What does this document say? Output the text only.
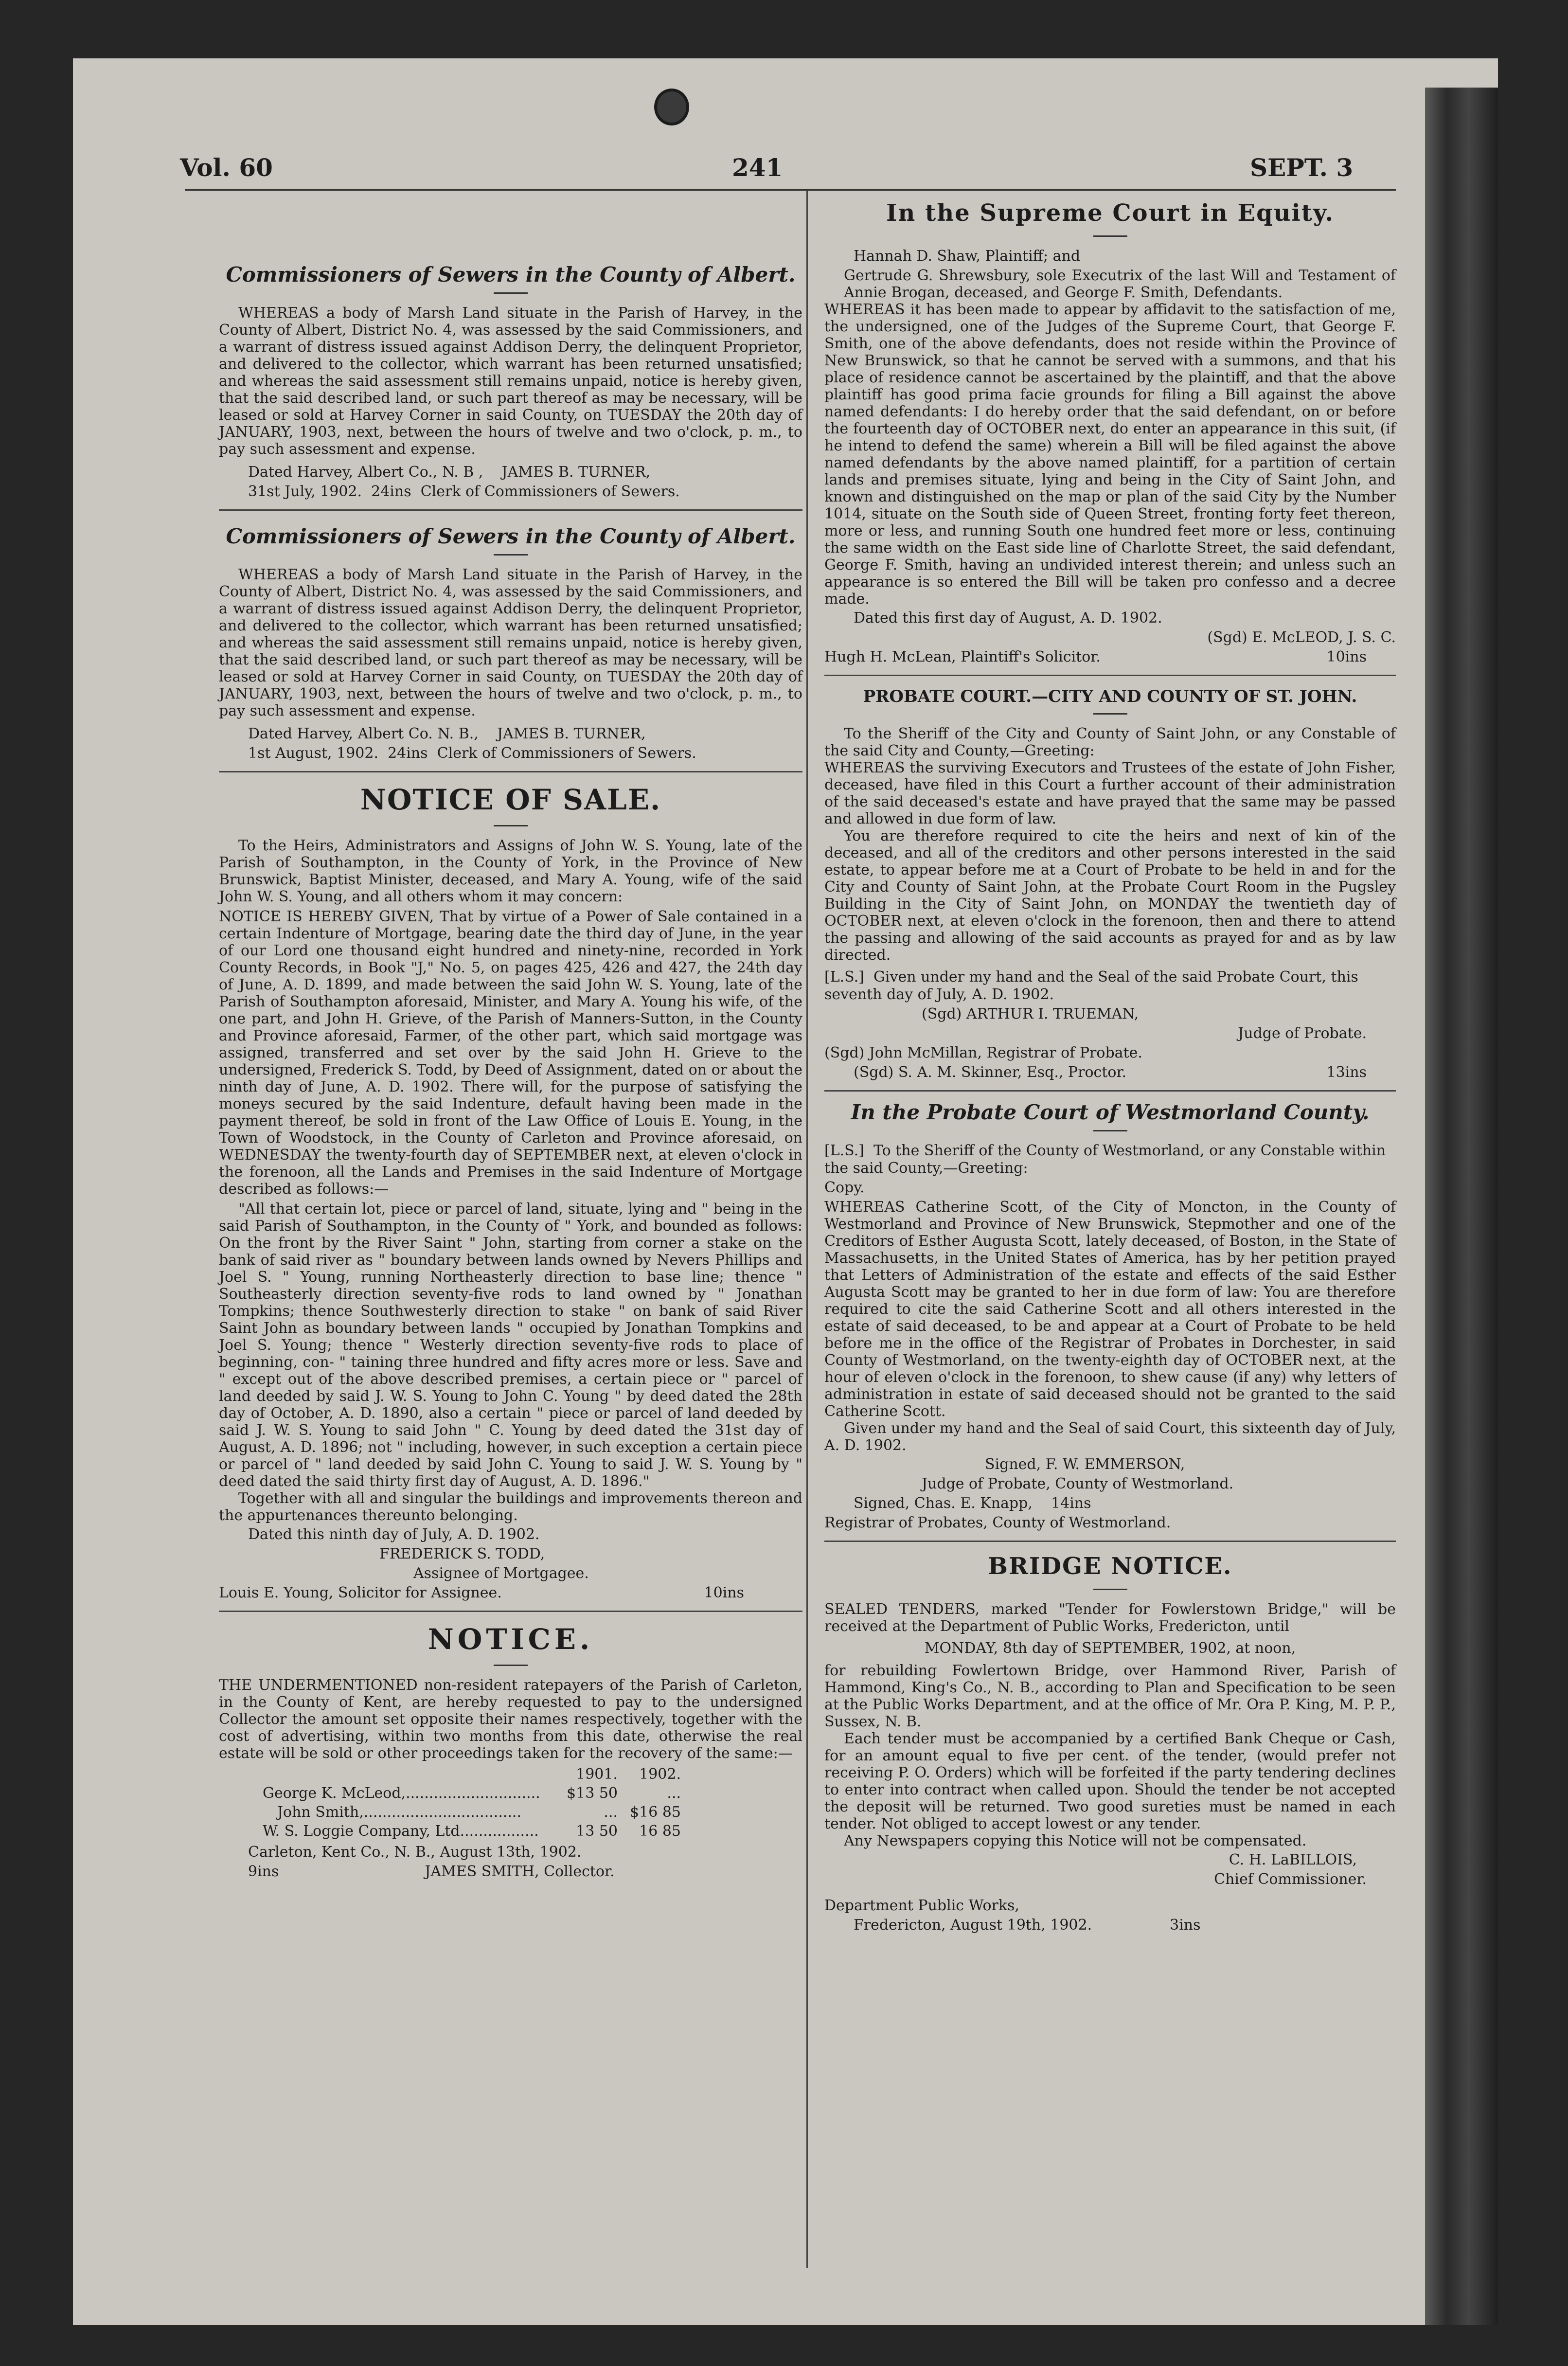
Vol. 60	241	SEPT. 3
Commissioners of Sewers in the County of Albert.

WHEREAS a body of Marsh Land situate in the Parish of Harvey, in the County of Albert, District No. 4, was assessed by the said Commissioners, and a warrant of distress issued against Addison Derry, the delinquent Proprietor, and delivered to the collector, which warrant has been returned unsatisfied; and whereas the said assessment still remains unpaid, notice is hereby given, that the said described land, or such part thereof as may be necessary, will be leased or sold at Harvey Corner in said County, on TUESDAY the 20th day of JANUARY, 1903, next, between the hours of twelve and two o'clock, p. m., to pay such assessment and expense.

Dated Harvey, Albert Co., N. B , JAMES B. TURNER,
31st July, 1902. 24ins Clerk of Commissioners of Sewers.
Commissioners of Sewers in the County of Albert.

WHEREAS a body of Marsh Land situate in the Parish of Harvey, in the County of Albert, District No. 4, was assessed by the said Commissioners, and a warrant of distress issued against Addison Derry, the delinquent Proprietor, and delivered to the collector, which warrant has been returned unsatisfied; and whereas the said assessment still remains unpaid, notice is hereby given, that the said described land, or such part thereof as may be necessary, will be leased or sold at Harvey Corner in said County, on TUESDAY the 20th day of JANUARY, 1903, next, between the hours of twelve and two o'clock, p. m., to pay such assessment and expense.

Dated Harvey, Albert Co. N. B., JAMES B. TURNER,
1st August, 1902. 24ins Clerk of Commissioners of Sewers.
NOTICE OF SALE.

To the Heirs, Administrators and Assigns of John W. S. Young, late of the Parish of Southampton, in the County of York, in the Province of New Brunswick, Baptist Minister, deceased, and Mary A. Young, wife of the said John W. S. Young, and all others whom it may concern:

NOTICE IS HEREBY GIVEN, That by virtue of a Power of Sale contained in a certain Indenture of Mortgage, bearing date the third day of June, in the year of our Lord one thousand eight hundred and ninety-nine, recorded in York County Records, in Book "J," No. 5, on pages 425, 426 and 427, the 24th day of June, A. D. 1899, and made between the said John W. S. Young, late of the Parish of Southampton aforesaid, Minister, and Mary A. Young his wife, of the one part, and John H. Grieve, of the Parish of Manners-Sutton, in the County and Province aforesaid, Farmer, of the other part, which said mortgage was assigned, transferred and set over by the said John H. Grieve to the undersigned, Frederick S. Todd, by Deed of Assignment, dated on or about the ninth day of June, A. D. 1902. There will, for the purpose of satisfying the moneys secured by the said Indenture, default having been made in the payment thereof, be sold in front of the Law Office of Louis E. Young, in the Town of Woodstock, in the County of Carleton and Province aforesaid, on WEDNESDAY the twenty-fourth day of SEPTEMBER next, at eleven o'clock in the forenoon, all the Lands and Premises in the said Indenture of Mortgage described as follows:—

"All that certain lot, piece or parcel of land, situate, lying and " being in the said Parish of Southampton, in the County of " York, and bounded as follows: On the front by the River Saint " John, starting from corner a stake on the bank of said river as " boundary between lands owned by Nevers Phillips and Joel S. " Young, running Northeasterly direction to base line; thence " Southeasterly direction seventy-five rods to land owned by " Jonathan Tompkins; thence Southwesterly direction to stake " on bank of said River Saint John as boundary between lands " occupied by Jonathan Tompkins and Joel S. Young; thence " Westerly direction seventy-five rods to place of beginning, con- " taining three hundred and fifty acres more or less. Save and " except out of the above described premises, a certain piece or " parcel of land deeded by said J. W. S. Young to John C. Young " by deed dated the 28th day of October, A. D. 1890, also a certain " piece or parcel of land deeded by said J. W. S. Young to said John " C. Young by deed dated the 31st day of August, A. D. 1896; not " including, however, in such exception a certain piece or parcel of " land deeded by said John C. Young to said J. W. S. Young by " deed dated the said thirty first day of August, A. D. 1896."

Together with all and singular the buildings and improvements thereon and the appurtenances thereunto belonging.

Dated this ninth day of July, A. D. 1902.
FREDERICK S. TODD,
Assignee of Mortgagee.
Louis E. Young, Solicitor for Assignee.	10ins
NOTICE.

THE UNDERMENTIONED non-resident ratepayers of the Parish of Carleton, in the County of Kent, are hereby requested to pay to the undersigned Collector the amount set opposite their names respectively, together with the cost of advertising, within two months from this date, otherwise the real estate will be sold or other proceedings taken for the recovery of the same:—

	1901.	1902.
George K. McLeod,.............................	$13 50	...
John Smith,..................................	...	$16 85
W. S. Loggie Company, Ltd.................	13 50	16 85
Carleton, Kent Co., N. B., August 13th, 1902.
9ins	JAMES SMITH, Collector.
In the Supreme Court in Equity.
Hannah D. Shaw, Plaintiff; and

Gertrude G. Shrewsbury, sole Executrix of the last Will and Testament of Annie Brogan, deceased, and George F. Smith, Defendants.

WHEREAS it has been made to appear by affidavit to the satisfaction of me, the undersigned, one of the Judges of the Supreme Court, that George F. Smith, one of the above defendants, does not reside within the Province of New Brunswick, so that he cannot be served with a summons, and that his place of residence cannot be ascertained by the plaintiff, and that the above plaintiff has good prima facie grounds for filing a Bill against the above named defendants: I do hereby order that the said defendant, on or before the fourteenth day of OCTOBER next, do enter an appearance in this suit, (if he intend to defend the same) wherein a Bill will be filed against the above named defendants by the above named plaintiff, for a partition of certain lands and premises situate, lying and being in the City of Saint John, and known and distinguished on the map or plan of the said City by the Number 1014, situate on the South side of Queen Street, fronting forty feet thereon, more or less, and running South one hundred feet more or less, continuing the same width on the East side line of Charlotte Street, the said defendant, George F. Smith, having an undivided interest therein; and unless such an appearance is so entered the Bill will be taken pro confesso and a decree made.

Dated this first day of August, A. D. 1902.
(Sgd) E. McLEOD, J. S. C.
Hugh H. McLean, Plaintiff's Solicitor.	10ins
PROBATE COURT.—CITY AND COUNTY OF ST. JOHN.

To the Sheriff of the City and County of Saint John, or any Constable of the said City and County,—Greeting:

WHEREAS the surviving Executors and Trustees of the estate of John Fisher, deceased, have filed in this Court a further account of their administration of the said deceased's estate and have prayed that the same may be passed and allowed in due form of law.

You are therefore required to cite the heirs and next of kin of the deceased, and all of the creditors and other persons interested in the said estate, to appear before me at a Court of Probate to be held in and for the City and County of Saint John, at the Probate Court Room in the Pugsley Building in the City of Saint John, on MONDAY the twentieth day of OCTOBER next, at eleven o'clock in the forenoon, then and there to attend the passing and allowing of the said accounts as prayed for and as by law directed.

[L.S.] Given under my hand and the Seal of the said Probate Court, this seventh day of July, A. D. 1902.
(Sgd) ARTHUR I. TRUEMAN,
Judge of Probate.
(Sgd) John McMillan, Registrar of Probate.
(Sgd) S. A. M. Skinner, Esq., Proctor.	13ins
In the Probate Court of Westmorland County.
[L.S.] To the Sheriff of the County of Westmorland, or any Constable within the said County,—Greeting:
Copy.

WHEREAS Catherine Scott, of the City of Moncton, in the County of Westmorland and Province of New Brunswick, Stepmother and one of the Creditors of Esther Augusta Scott, lately deceased, of Boston, in the State of Massachusetts, in the United States of America, has by her petition prayed that Letters of Administration of the estate and effects of the said Esther Augusta Scott may be granted to her in due form of law: You are therefore required to cite the said Catherine Scott and all others interested in the estate of said deceased, to be and appear at a Court of Probate to be held before me in the office of the Registrar of Probates in Dorchester, in said County of Westmorland, on the twenty-eighth day of OCTOBER next, at the hour of eleven o'clock in the forenoon, to shew cause (if any) why letters of administration in estate of said deceased should not be granted to the said Catherine Scott.

Given under my hand and the Seal of said Court, this sixteenth day of July, A. D. 1902.

Signed, F. W. EMMERSON,
Judge of Probate, County of Westmorland.
Signed, Chas. E. Knapp, 14ins
Registrar of Probates, County of Westmorland.
BRIDGE NOTICE.

SEALED TENDERS, marked "Tender for Fowlerstown Bridge," will be received at the Department of Public Works, Fredericton, until

MONDAY, 8th day of SEPTEMBER, 1902, at noon,

for rebuilding Fowlertown Bridge, over Hammond River, Parish of Hammond, King's Co., N. B., according to Plan and Specification to be seen at the Public Works Department, and at the office of Mr. Ora P. King, M. P. P., Sussex, N. B.

Each tender must be accompanied by a certified Bank Cheque or Cash, for an amount equal to five per cent. of the tender, (would prefer not receiving P. O. Orders) which will be forfeited if the party tendering declines to enter into contract when called upon. Should the tender be not accepted the deposit will be returned. Two good sureties must be named in each tender. Not obliged to accept lowest or any tender.

Any Newspapers copying this Notice will not be compensated.

C. H. LaBILLOIS,
Chief Commissioner.
Department Public Works,
Fredericton, August 19th, 1902.	3ins
